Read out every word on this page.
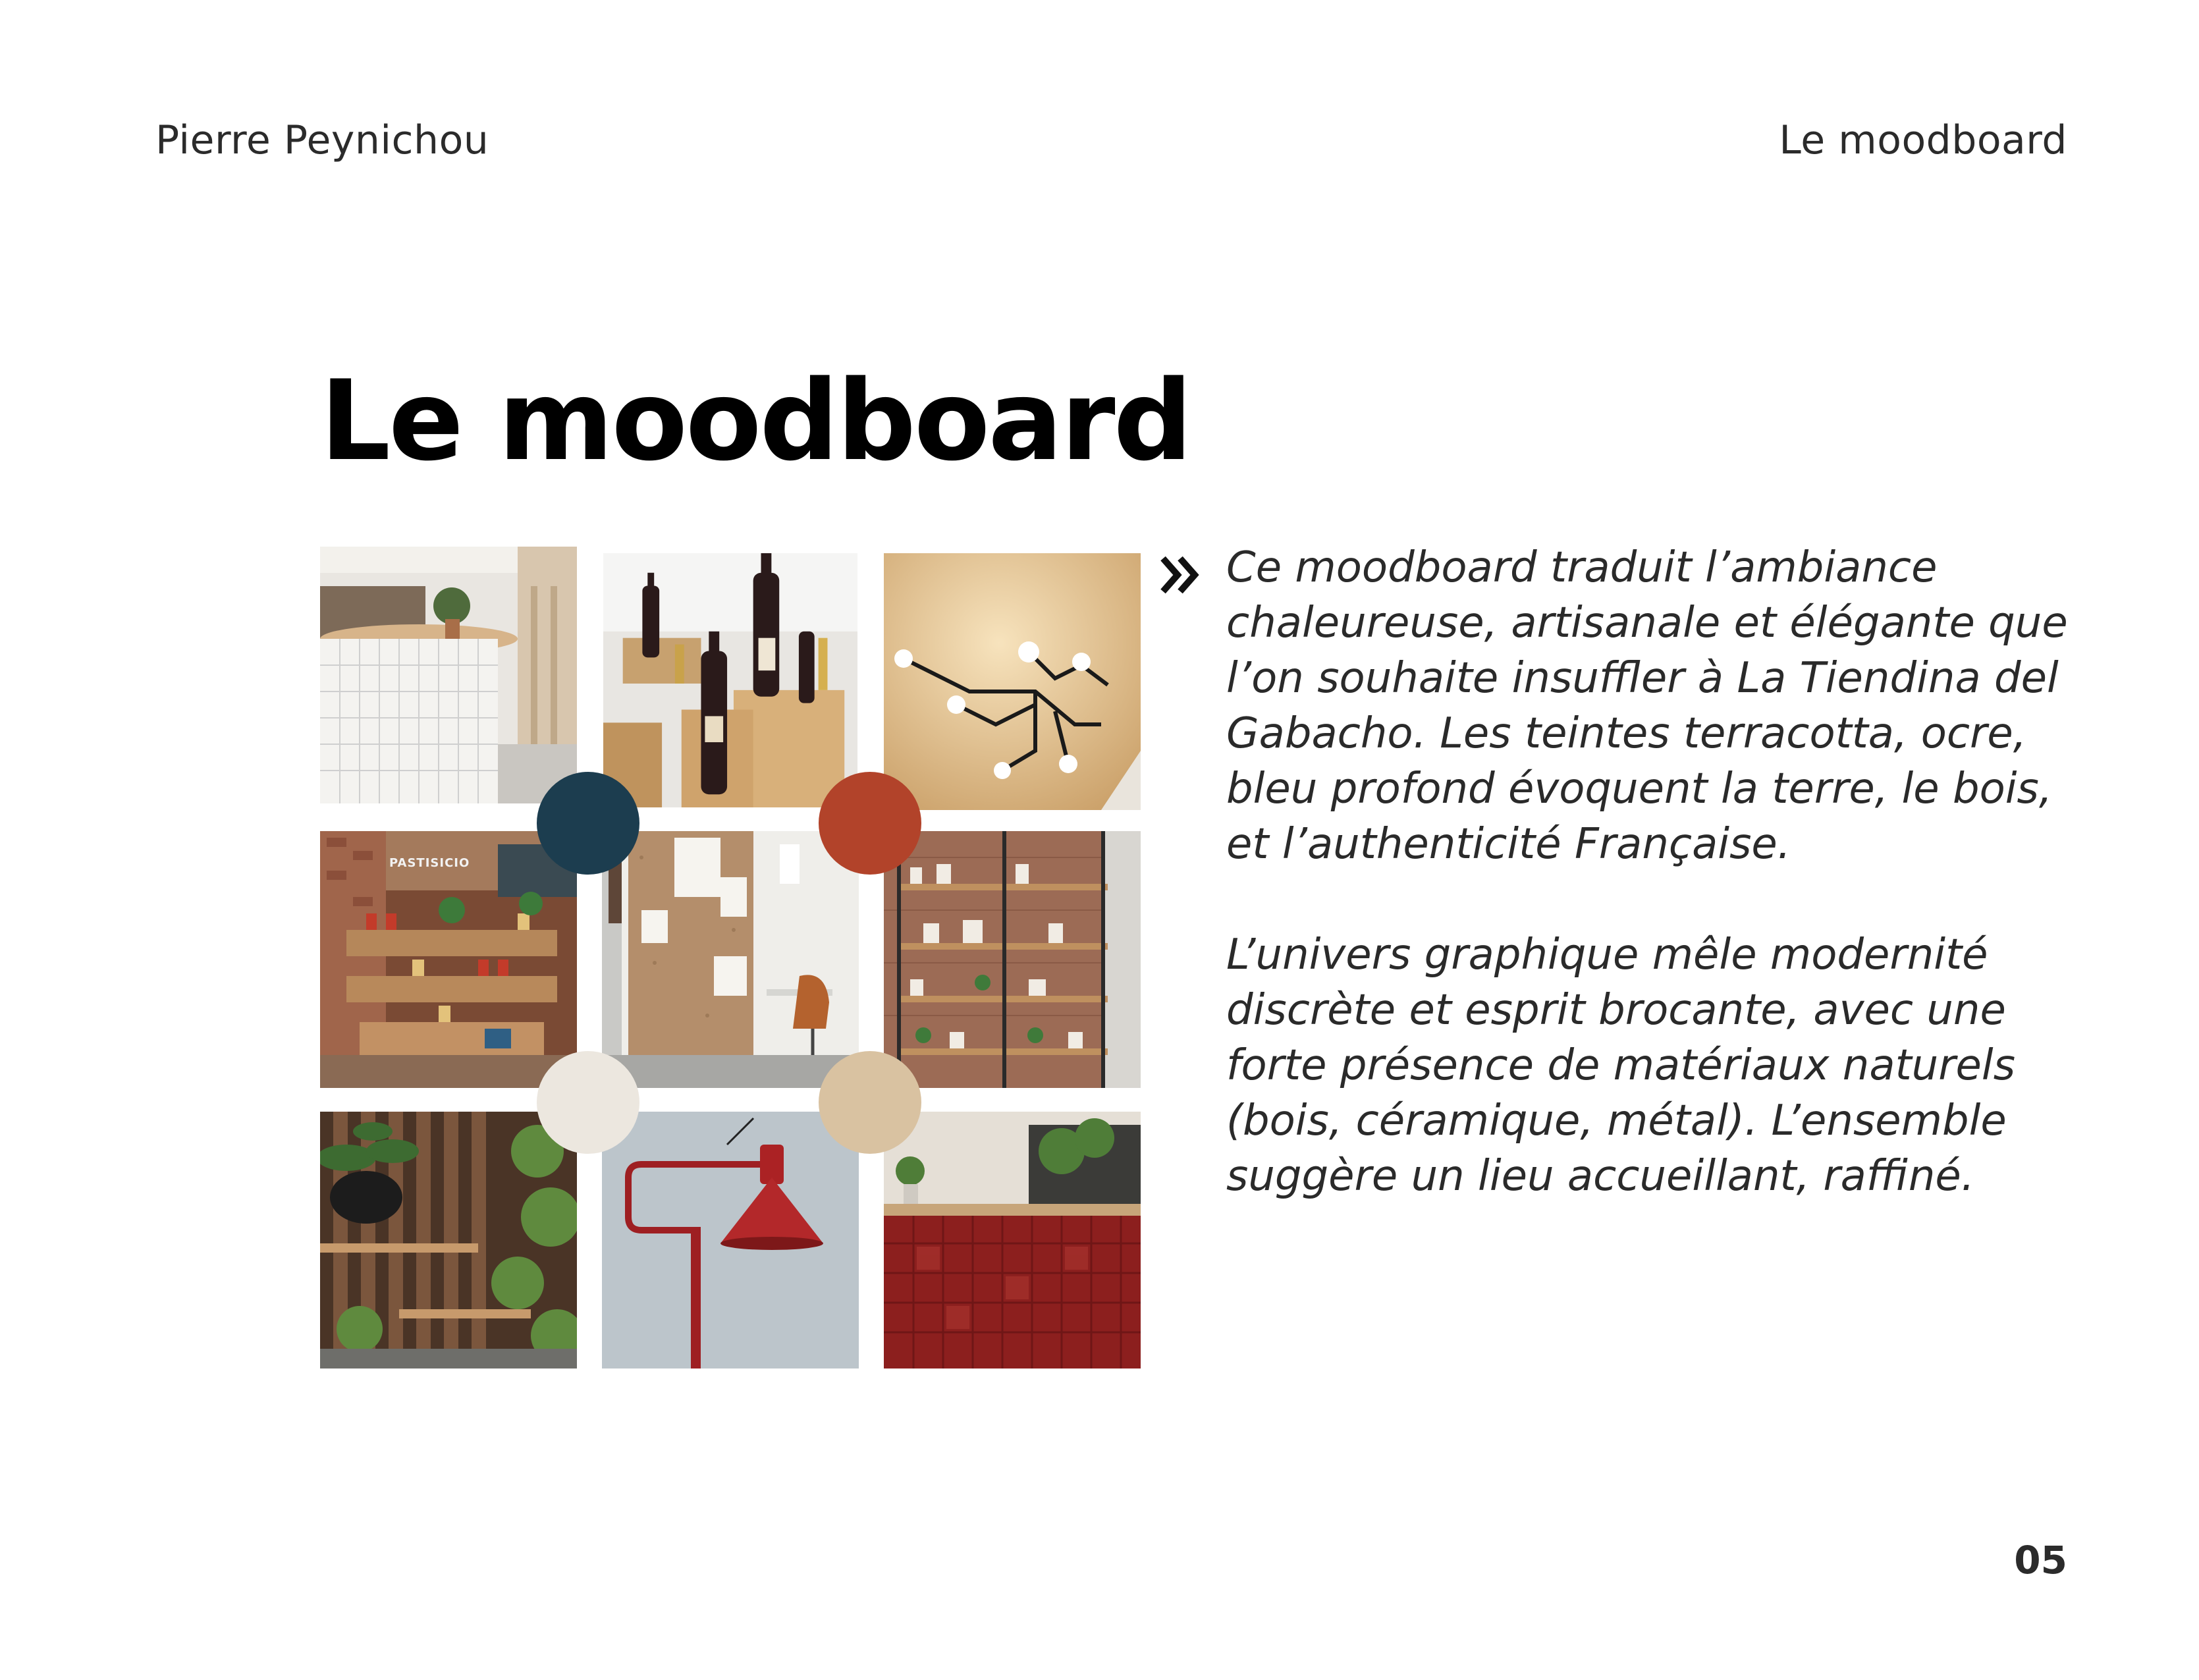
Pierre Peynichou	Le moodboard
Le moodboard
PASTISICIO

Ce moodboard traduit l’ambiance chaleureuse, artisanale et élégante que l’on souhaite insuffler à La Tiendina del Gabacho. Les teintes terracotta, ocre, bleu profond évoquent la terre, le bois, et l’authenticité Française.

L’univers graphique mêle modernité discrète et esprit brocante, avec une forte présence de matériaux naturels (bois, céramique, métal). L’ensemble suggère un lieu accueillant, raffiné.

05
